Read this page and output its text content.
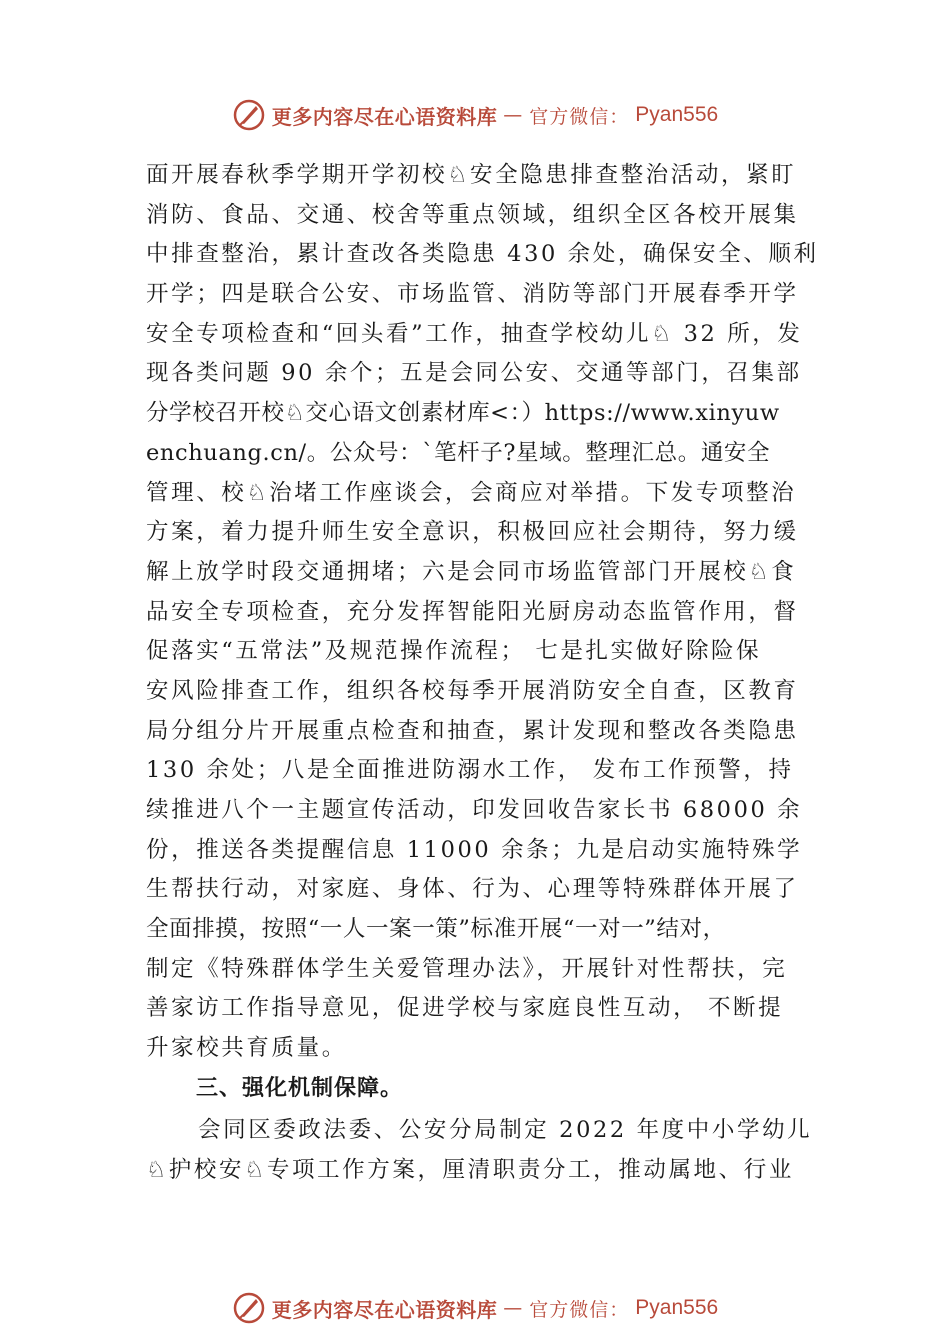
更多内容尽在心语资料库 — 官方微信： Pyan556
面开展春秋季学期开学初校♘安全隐患排查整治活动，紧盯
消防、食品、交通、校舍等重点领域，组织全区各校开展集
中排查整治，累计查改各类隐患 430 余处，确保安全、顺利
开学；四是联合公安、市场监管、消防等部门开展春季开学
安全专项检查和“回头看”工作，抽查学校幼儿♘ 32 所，发
现各类问题 90 余个；五是会同公安、交通等部门，召集部
分学校召开校♘交心语文创素材库<：）https://www.xinyuw
enchuang.cn/。公众号：`笔杆子?星域。整理汇总。通安全
管理、校♘治堵工作座谈会，会商应对举措。下发专项整治
方案，着力提升师生安全意识，积极回应社会期待，努力缓
解上放学时段交通拥堵；六是会同市场监管部门开展校♘食
品安全专项检查，充分发挥智能阳光厨房动态监管作用，督
促落实“五常法”及规范操作流程； 七是扎实做好除险保
安风险排查工作，组织各校每季开展消防安全自查，区教育
局分组分片开展重点检查和抽查，累计发现和整改各类隐患
130 余处；八是全面推进防溺水工作， 发布工作预警，持
续推进八个一主题宣传活动，印发回收告家长书 68000 余
份，推送各类提醒信息 11000 余条；九是启动实施特殊学
生帮扶行动，对家庭、身体、行为、心理等特殊群体开展了
全面排摸，按照“一人一案一策”标准开展“一对一”结对，
制定《特殊群体学生关爱管理办法》，开展针对性帮扶，完
善家访工作指导意见，促进学校与家庭良性互动， 不断提
升家校共育质量。
三、强化机制保障。
会同区委政法委、公安分局制定 2022 年度中小学幼儿
♘护校安♘专项工作方案，厘清职责分工，推动属地、行业
更多内容尽在心语资料库 — 官方微信： Pyan556
